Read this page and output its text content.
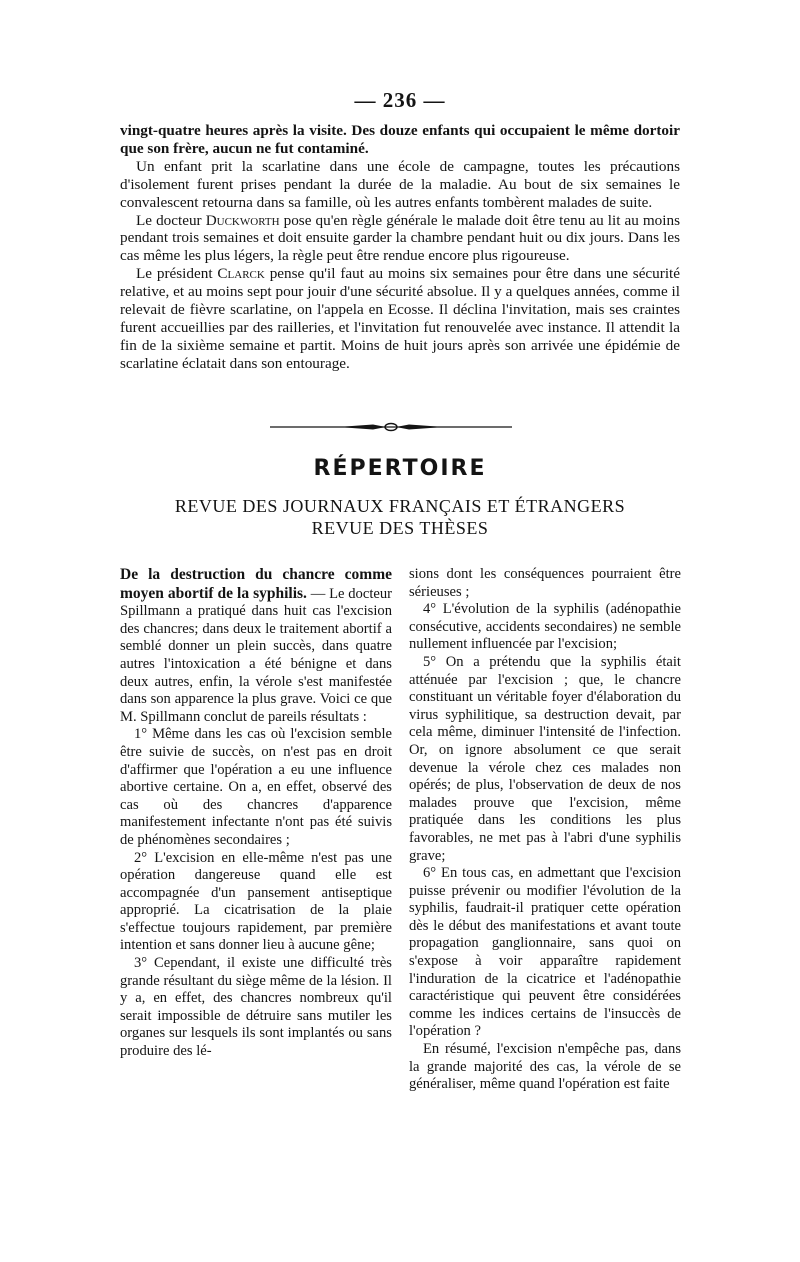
— 236 —

vingt-quatre heures après la visite. Des douze enfants qui occupaient le même dortoir que son frère, aucun ne fut contaminé.

Un enfant prit la scarlatine dans une école de campagne, toutes les précautions d'isolement furent prises pendant la durée de la maladie. Au bout de six semaines le convalescent retourna dans sa famille, où les autres enfants tombèrent malades de suite.

Le docteur Duckworth pose qu'en règle générale le malade doit être tenu au lit au moins pendant trois semaines et doit ensuite garder la chambre pendant huit ou dix jours. Dans les cas même les plus légers, la règle peut être rendue encore plus rigoureuse.

Le président Clarck pense qu'il faut au moins six semaines pour être dans une sécurité relative, et au moins sept pour jouir d'une sécurité absolue. Il y a quelques années, comme il relevait de fièvre scarlatine, on l'appela en Ecosse. Il déclina l'invitation, mais ses craintes furent accueillies par des railleries, et l'invitation fut renouvelée avec instance. Il attendit la fin de la sixième semaine et partit. Moins de huit jours après son arrivée une épidémie de scarlatine éclatait dans son entourage.

RÉPERTOIRE
REVUE DES JOURNAUX FRANÇAIS ET ÉTRANGERS
REVUE DES THÈSES

De la destruction du chancre comme moyen abortif de la syphilis. — Le docteur Spillmann a pratiqué dans huit cas l'excision des chancres; dans deux le traitement abortif a semblé donner un plein succès, dans quatre autres l'intoxication a été bénigne et dans deux autres, enfin, la vérole s'est manifestée dans son apparence la plus grave. Voici ce que M. Spillmann conclut de pareils résultats :

1° Même dans les cas où l'excision semble être suivie de succès, on n'est pas en droit d'affirmer que l'opération a eu une influence abortive certaine. On a, en effet, observé des cas où des chancres d'apparence manifestement infectante n'ont pas été suivis de phénomènes secondaires ;

2° L'excision en elle-même n'est pas une opération dangereuse quand elle est accompagnée d'un pansement antiseptique approprié. La cicatrisation de la plaie s'effectue toujours rapidement, par première intention et sans donner lieu à aucune gêne;

3° Cependant, il existe une difficulté très grande résultant du siège même de la lésion. Il y a, en effet, des chancres nombreux qu'il serait impossible de détruire sans mutiler les organes sur lesquels ils sont implantés ou sans produire des lé-

sions dont les conséquences pourraient être sérieuses ;

4° L'évolution de la syphilis (adénopathie consécutive, accidents secondaires) ne semble nullement influencée par l'excision;

5° On a prétendu que la syphilis était atténuée par l'excision ; que, le chancre constituant un véritable foyer d'élaboration du virus syphilitique, sa destruction devait, par cela même, diminuer l'intensité de l'infection. Or, on ignore absolument ce que serait devenue la vérole chez ces malades non opérés; de plus, l'observation de deux de nos malades prouve que l'excision, même pratiquée dans les conditions les plus favorables, ne met pas à l'abri d'une syphilis grave;

6° En tous cas, en admettant que l'excision puisse prévenir ou modifier l'évolution de la syphilis, faudrait-il pratiquer cette opération dès le début des manifestations et avant toute propagation ganglionnaire, sans quoi on s'expose à voir apparaître rapidement l'induration de la cicatrice et l'adénopathie caractéristique qui peuvent être considérées comme les indices certains de l'insuccès de l'opération ?

En résumé, l'excision n'empêche pas, dans la grande majorité des cas, la vérole de se généraliser, même quand l'opération est faite
